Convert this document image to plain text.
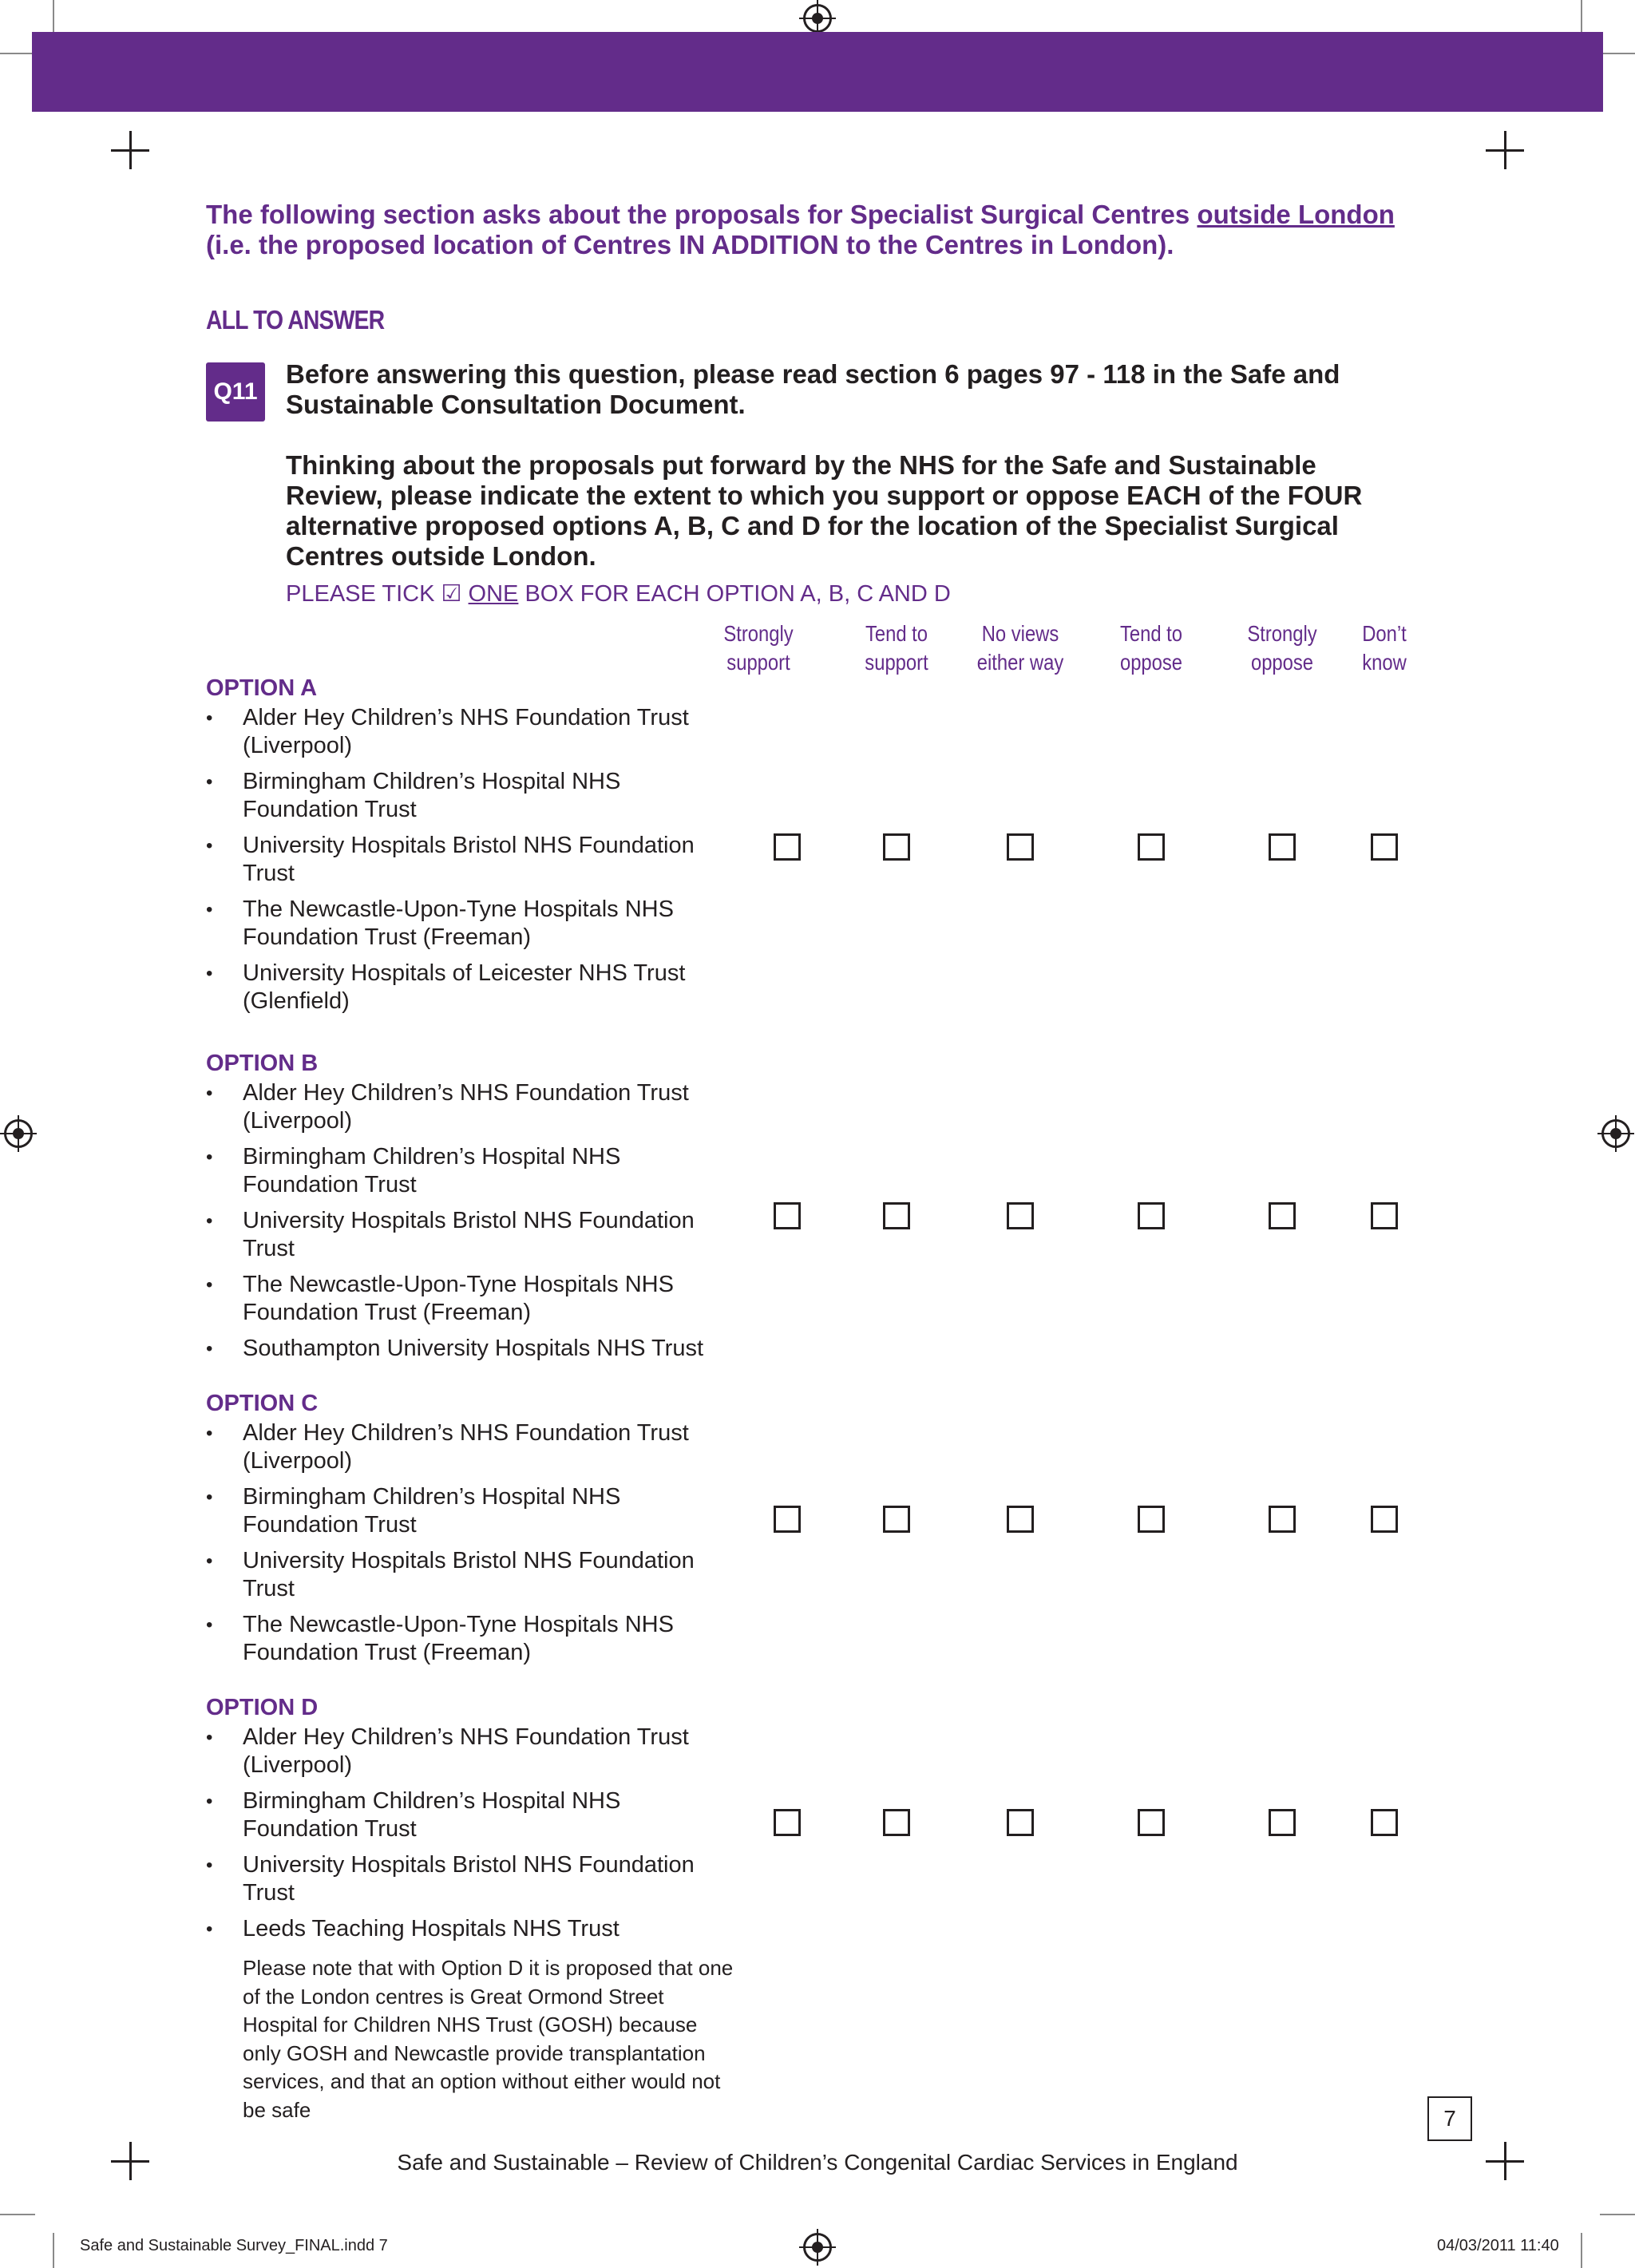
The following section asks about the proposals for Specialist Surgical Centres outside London (i.e. the proposed location of Centres IN ADDITION to the Centres in London).
ALL TO ANSWER
Q11
Before answering this question, please read section 6 pages 97 - 118 in the Safe and Sustainable Consultation Document.
Thinking about the proposals put forward by the NHS for the Safe and Sustainable Review, please indicate the extent to which you support or oppose EACH of the FOUR alternative proposed options A, B, C and D for the location of the Specialist Surgical Centres outside London.
PLEASE TICK ☑ ONE BOX FOR EACH OPTION A, B, C AND D
Strongly
support
Tend to
support
No views
either way
Tend to
oppose
Strongly
oppose
Don’t
know
OPTION A
• Alder Hey Children’s NHS Foundation Trust (Liverpool)
• Birmingham Children’s Hospital NHS Foundation Trust
• University Hospitals Bristol NHS Foundation Trust
• The Newcastle-Upon-Tyne Hospitals NHS Foundation Trust (Freeman)
• University Hospitals of Leicester NHS Trust (Glenfield)
OPTION B
• Alder Hey Children’s NHS Foundation Trust (Liverpool)
• Birmingham Children’s Hospital NHS Foundation Trust
• University Hospitals Bristol NHS Foundation Trust
• The Newcastle-Upon-Tyne Hospitals NHS Foundation Trust (Freeman)
• Southampton University Hospitals NHS Trust
OPTION C
• Alder Hey Children’s NHS Foundation Trust (Liverpool)
• Birmingham Children’s Hospital NHS Foundation Trust
• University Hospitals Bristol NHS Foundation Trust
• The Newcastle-Upon-Tyne Hospitals NHS Foundation Trust (Freeman)
OPTION D
• Alder Hey Children’s NHS Foundation Trust (Liverpool)
• Birmingham Children’s Hospital NHS Foundation Trust
• University Hospitals Bristol NHS Foundation Trust
• Leeds Teaching Hospitals NHS Trust
Please note that with Option D it is proposed that one of the London centres is Great Ormond Street Hospital for Children NHS Trust (GOSH) because only GOSH and Newcastle provide transplantation services, and that an option without either would not be safe	7
Safe and Sustainable – Review of Children’s Congenital Cardiac Services in England
Safe and Sustainable Survey_FINAL.indd 7	04/03/2011 11:40
